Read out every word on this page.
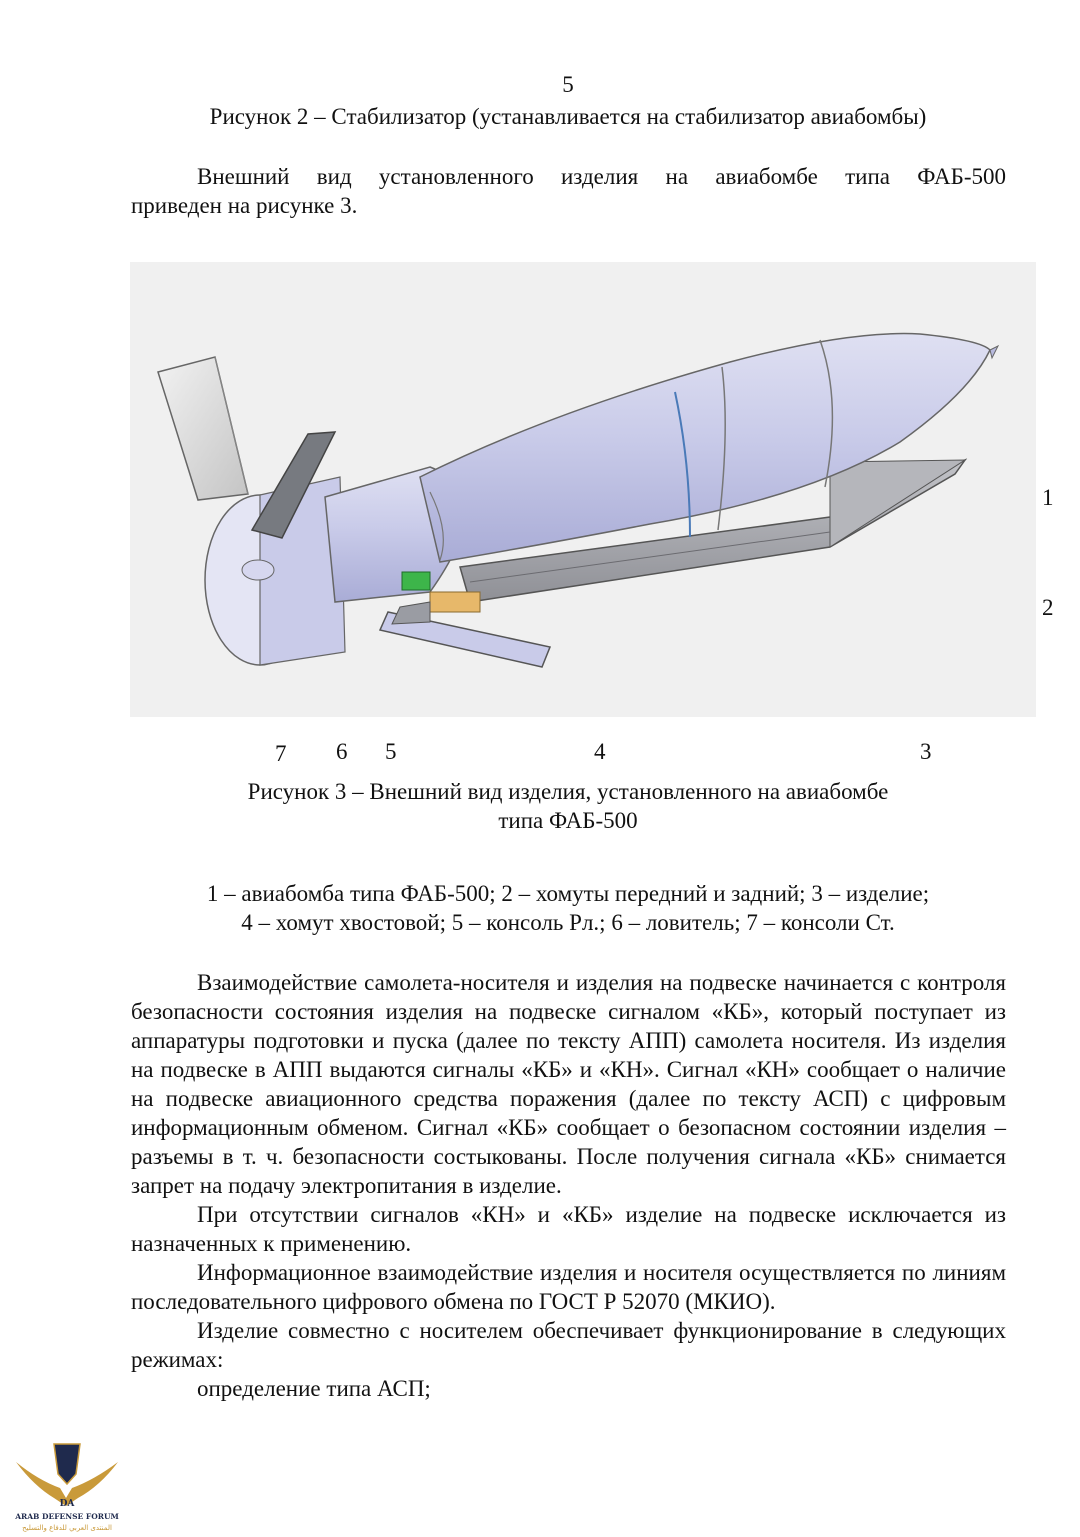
5
Рисунок 2 – Стабилизатор (устанавливается на стабилизатор авиабомбы)
Внешний вид установленного изделия на авиабомбе типа ФАБ-500
приведен на рисунке 3.
1
2
7 6 5	4	3
Рисунок 3 – Внешний вид изделия, установленного на авиабомбе
типа ФАБ-500
1 – авиабомба типа ФАБ-500; 2 – хомуты передний и задний; 3 – изделие;
4 – хомут хвостовой; 5 – консоль Рл.; 6 – ловитель; 7 – консоли Ст.

Взаимодействие самолета-носителя и изделия на подвеске начинается с контроля безопасности состояния изделия на подвеске сигналом «КБ», который поступает из аппаратуры подготовки и пуска (далее по тексту АПП) самолета носителя. Из изделия на подвеске в АПП выдаются сигналы «КБ» и «КН». Сигнал «КН» сообщает о наличие на подвеске авиационного средства поражения (далее по тексту АСП) с цифровым информационным обменом. Сигнал «КБ» сообщает о безопасном состоянии изделия – разъемы в т. ч. безопасности состыкованы. После получения сигнала «КБ» снимается запрет на подачу электропитания в изделие.

При отсутствии сигналов «КН» и «КБ» изделие на подвеске исключается из назначенных к применению.

Информационное взаимодействие изделия и носителя осуществляется по линиям последовательного цифрового обмена по ГОСТ Р 52070 (МКИО).

Изделие совместно с носителем обеспечивает функционирование в следующих режимах:

определение типа АСП;

DA
ARAB DEFENSE FORUM
المنتدى العربي للدفاع والتسليح
